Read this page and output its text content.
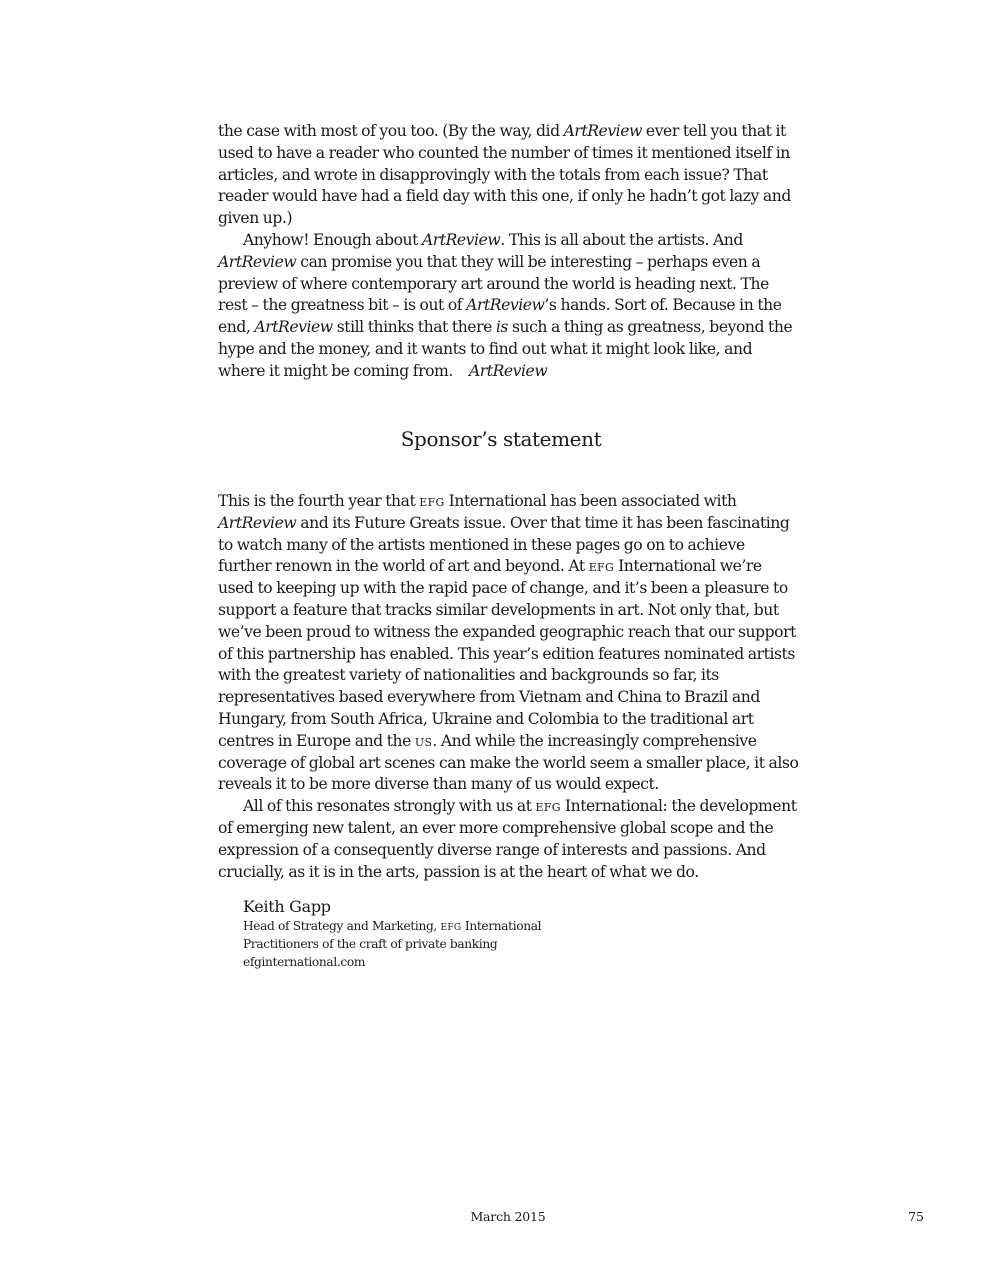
the case with most of you too. (By the way, did ArtReview ever tell you that it used to have a reader who counted the number of times it mentioned itself in articles, and wrote in disapprovingly with the totals from each issue? That reader would have had a field day with this one, if only he hadn’t got lazy and given up.)

Anyhow! Enough about ArtReview. This is all about the artists. And ArtReview can promise you that they will be interesting – perhaps even a preview of where contemporary art around the world is heading next. The rest – the greatness bit – is out of ArtReview’s hands. Sort of. Because in the end, ArtReview still thinks that there is such a thing as greatness, beyond the hype and the money, and it wants to find out what it might look like, and where it might be coming from. ArtReview

Sponsor’s statement

This is the fourth year that efg International has been associated with ArtReview and its Future Greats issue. Over that time it has been fascinating to watch many of the artists mentioned in these pages go on to achieve further renown in the world of art and beyond. At efg International we’re used to keeping up with the rapid pace of change, and it’s been a pleasure to support a feature that tracks similar developments in art. Not only that, but we’ve been proud to witness the expanded geographic reach that our support of this partnership has enabled. This year’s edition features nominated artists with the greatest variety of nationalities and backgrounds so far, its representatives based everywhere from Vietnam and China to Brazil and Hungary, from South Africa, Ukraine and Colombia to the traditional art centres in Europe and the us. And while the increasingly comprehensive coverage of global art scenes can make the world seem a smaller place, it also reveals it to be more diverse than many of us would expect.

All of this resonates strongly with us at efg International: the development of emerging new talent, an ever more comprehensive global scope and the expression of a consequently diverse range of interests and passions. And crucially, as it is in the arts, passion is at the heart of what we do.

Keith Gapp

Head of Strategy and Marketing, efg International

Practitioners of the craft of private banking

efginternational.com

March 2015	75
